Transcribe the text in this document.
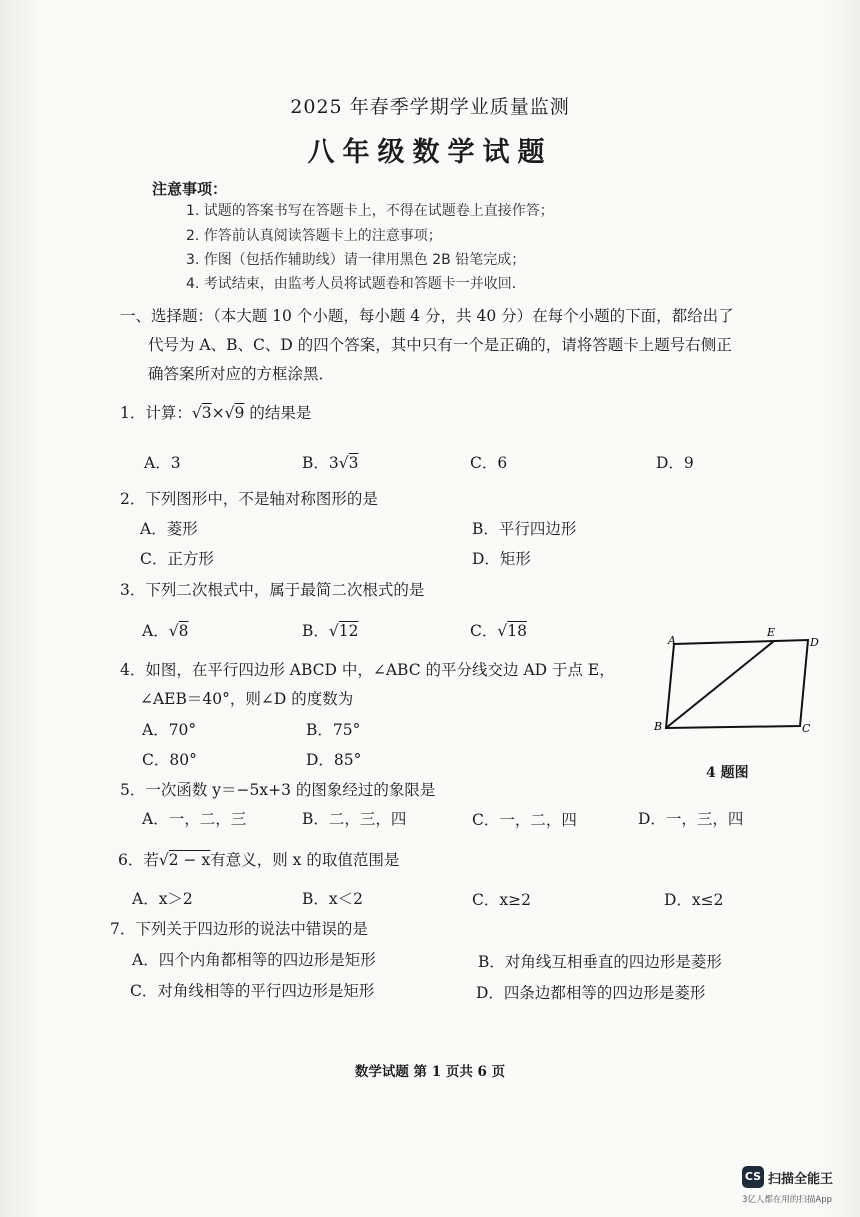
2025 年春季学期学业质量监测
八年级数学试题
注意事项：
1. 试题的答案书写在答题卡上，不得在试题卷上直接作答；
2. 作答前认真阅读答题卡上的注意事项；
3. 作图（包括作辅助线）请一律用黑色 2B 铅笔完成；
4. 考试结束，由监考人员将试题卷和答题卡一并收回．
一、选择题：（本大题 10 个小题，每小题 4 分，共 40 分）在每个小题的下面，都给出了
代号为 A、B、C、D 的四个答案，其中只有一个是正确的，请将答题卡上题号右侧正
确答案所对应的方框涂黑．
1．计算：√3×√9 的结果是
A．3	B．3√3	C．6	D．9
2．下列图形中，不是轴对称图形的是
A．菱形	B．平行四边形
C．正方形	D．矩形
3．下列二次根式中，属于最简二次根式的是
A．√8	B．√12	C．√18
4．如图，在平行四边形 ABCD 中，∠ABC 的平分线交边 AD 于点 E，
∠AEB＝40°，则∠D 的度数为
A．70°	B．75°
C．80°	D．85°
A
E
D
B	C
4 题图
5．一次函数 y＝−5x+3 的图象经过的象限是
A．一，二，三	B．二，三，四	C．一，二，四	D．一，三，四
6．若√2 − x有意义，则 x 的取值范围是
A．x＞2	B．x＜2	C．x≥2	D．x≤2
7．下列关于四边形的说法中错误的是
A．四个内角都相等的四边形是矩形	B．对角线互相垂直的四边形是菱形
C．对角线相等的平行四边形是矩形	D．四条边都相等的四边形是菱形
数学试题 第 1 页共 6 页
CS 扫描全能王
3亿人都在用的扫描App
